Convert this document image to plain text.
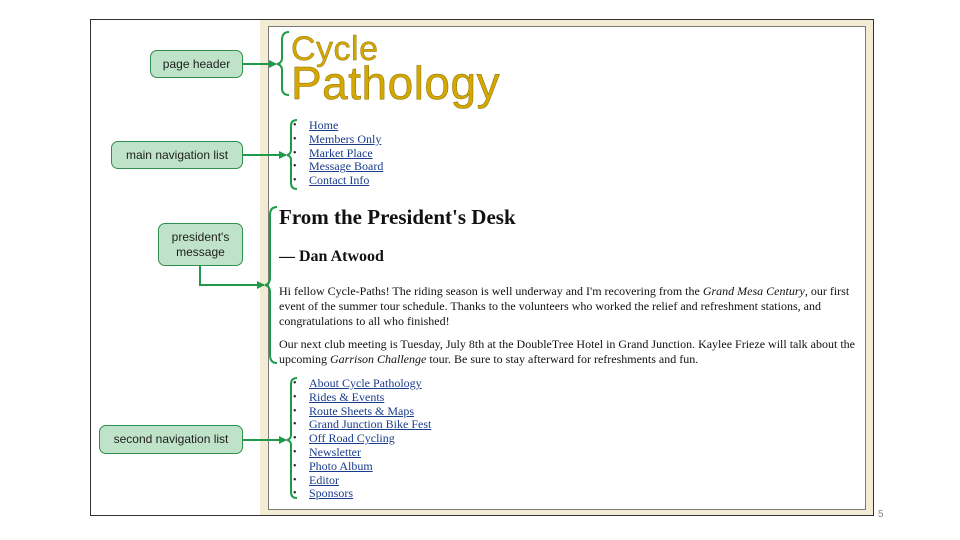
page header
main navigation list
president's
message
second navigation list
Cycle
Pathology
• Home
• Members Only
• Market Place
• Message Board
• Contact Info
From the President's Desk
— Dan Atwood

Hi fellow Cycle-Paths! The riding season is well underway and I'm recovering from the Grand Mesa Century, our first event of the summer tour schedule. Thanks to the volunteers who worked the relief and refreshment stations, and congratulations to all who finished!

Our next club meeting is Tuesday, July 8th at the DoubleTree Hotel in Grand Junction. Kaylee Frieze will talk about the upcoming Garrison Challenge tour. Be sure to stay afterward for refreshments and fun.

• About Cycle Pathology
• Rides & Events
• Route Sheets & Maps
• Grand Junction Bike Fest
• Off Road Cycling
• Newsletter
• Photo Album
• Editor
• Sponsors
5
